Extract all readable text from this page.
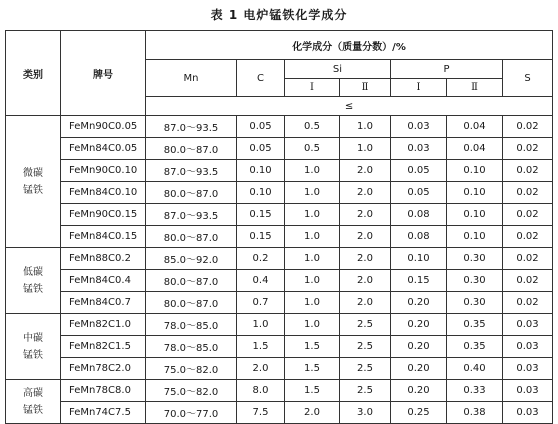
表 1 电炉锰铁化学成分
类别	牌号	化学成分（质量分数）/%						
		Mn	C	Si		P		S
				Ⅰ	Ⅱ	Ⅰ	Ⅱ	
		≤						
微碳锰铁	FeMn90C0.05	87.0～93.5	0.05	0.5	1.0	0.03	0.04	0.02
	FeMn84C0.05	80.0～87.0	0.05	0.5	1.0	0.03	0.04	0.02
	FeMn90C0.10	87.0～93.5	0.10	1.0	2.0	0.05	0.10	0.02
	FeMn84C0.10	80.0～87.0	0.10	1.0	2.0	0.05	0.10	0.02
	FeMn90C0.15	87.0～93.5	0.15	1.0	2.0	0.08	0.10	0.02
	FeMn84C0.15	80.0～87.0	0.15	1.0	2.0	0.08	0.10	0.02
低碳锰铁	FeMn88C0.2	85.0～92.0	0.2	1.0	2.0	0.10	0.30	0.02
	FeMn84C0.4	80.0～87.0	0.4	1.0	2.0	0.15	0.30	0.02
	FeMn84C0.7	80.0～87.0	0.7	1.0	2.0	0.20	0.30	0.02
中碳锰铁	FeMn82C1.0	78.0～85.0	1.0	1.0	2.5	0.20	0.35	0.03
	FeMn82C1.5	78.0～85.0	1.5	1.5	2.5	0.20	0.35	0.03
	FeMn78C2.0	75.0～82.0	2.0	1.5	2.5	0.20	0.40	0.03
高碳锰铁	FeMn78C8.0	75.0～82.0	8.0	1.5	2.5	0.20	0.33	0.03
	FeMn74C7.5	70.0～77.0	7.5	2.0	3.0	0.25	0.38	0.03
